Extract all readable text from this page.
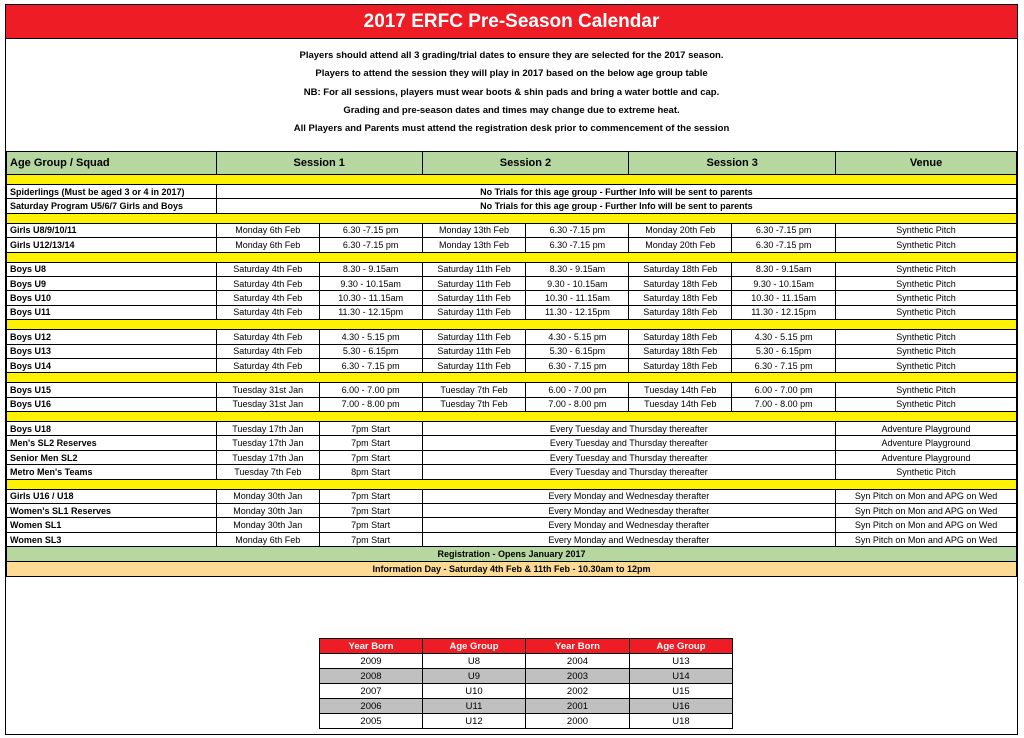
2017 ERFC Pre-Season Calendar
Players should attend all 3 grading/trial dates to ensure they are selected for the 2017 season.
Players to attend the session they will play in 2017 based on the below age group table
NB: For all sessions, players must wear boots & shin pads and bring a water bottle and cap.
Grading and pre-season dates and times may change due to extreme heat.
All Players and Parents must attend the registration desk prior to commencement of the session
Age Group / Squad	Session 1		Session 2		Session 3		Venue

Spiderlings (Must be aged 3 or 4 in 2017)	No Trials for this age group - Further Info will be sent to parents						
Saturday Program U5/6/7 Girls and Boys	No Trials for this age group - Further Info will be sent to parents						

Girls U8/9/10/11	Monday 6th Feb	6.30 -7.15 pm	Monday 13th Feb	6.30 -7.15 pm	Monday 20th Feb	6.30 -7.15 pm	Synthetic Pitch
Girls U12/13/14	Monday 6th Feb	6.30 -7.15 pm	Monday 13th Feb	6.30 -7.15 pm	Monday 20th Feb	6.30 -7.15 pm	Synthetic Pitch

Boys U8	Saturday 4th Feb	8.30 - 9.15am	Saturday 11th Feb	8.30 - 9.15am	Saturday 18th Feb	8.30 - 9.15am	Synthetic Pitch
Boys U9	Saturday 4th Feb	9.30 - 10.15am	Saturday 11th Feb	9.30 - 10.15am	Saturday 18th Feb	9.30 - 10.15am	Synthetic Pitch
Boys U10	Saturday 4th Feb	10.30 - 11.15am	Saturday 11th Feb	10.30 - 11.15am	Saturday 18th Feb	10.30 - 11.15am	Synthetic Pitch
Boys U11	Saturday 4th Feb	11.30 - 12.15pm	Saturday 11th Feb	11.30 - 12.15pm	Saturday 18th Feb	11.30 - 12.15pm	Synthetic Pitch

Boys U12	Saturday 4th Feb	4.30 - 5.15 pm	Saturday 11th Feb	4.30 - 5.15 pm	Saturday 18th Feb	4.30 - 5.15 pm	Synthetic Pitch
Boys U13	Saturday 4th Feb	5.30 - 6.15pm	Saturday 11th Feb	5.30 - 6.15pm	Saturday 18th Feb	5.30 - 6.15pm	Synthetic Pitch
Boys U14	Saturday 4th Feb	6.30 - 7.15 pm	Saturday 11th Feb	6.30 - 7.15 pm	Saturday 18th Feb	6.30 - 7.15 pm	Synthetic Pitch

Boys U15	Tuesday 31st Jan	6.00 - 7.00 pm	Tuesday 7th Feb	6.00 - 7.00 pm	Tuesday 14th Feb	6.00 - 7.00 pm	Synthetic Pitch
Boys U16	Tuesday 31st Jan	7.00 - 8.00 pm	Tuesday 7th Feb	7.00 - 8.00 pm	Tuesday 14th Feb	7.00 - 8.00 pm	Synthetic Pitch

Boys U18	Tuesday 17th Jan	7pm Start	Every Tuesday and Thursday thereafter				Adventure Playground
Men's SL2 Reserves	Tuesday 17th Jan	7pm Start	Every Tuesday and Thursday thereafter				Adventure Playground
Senior Men SL2	Tuesday 17th Jan	7pm Start	Every Tuesday and Thursday thereafter				Adventure Playground
Metro Men's Teams	Tuesday 7th Feb	8pm Start	Every Tuesday and Thursday thereafter				Synthetic Pitch

Girls U16 / U18	Monday 30th Jan	7pm Start	Every Monday and Wednesday therafter				Syn Pitch on Mon and APG on Wed
Women's SL1 Reserves	Monday 30th Jan	7pm Start	Every Monday and Wednesday therafter				Syn Pitch on Mon and APG on Wed
Women SL1	Monday 30th Jan	7pm Start	Every Monday and Wednesday therafter				Syn Pitch on Mon and APG on Wed
Women SL3	Monday 6th Feb	7pm Start	Every Monday and Wednesday therafter				Syn Pitch on Mon and APG on Wed
Registration - Opens January 2017							
Information Day - Saturday 4th Feb & 11th Feb - 10.30am to 12pm							
Year Born	Age Group	Year Born	Age Group
2009	U8	2004	U13
2008	U9	2003	U14
2007	U10	2002	U15
2006	U11	2001	U16
2005	U12	2000	U18
